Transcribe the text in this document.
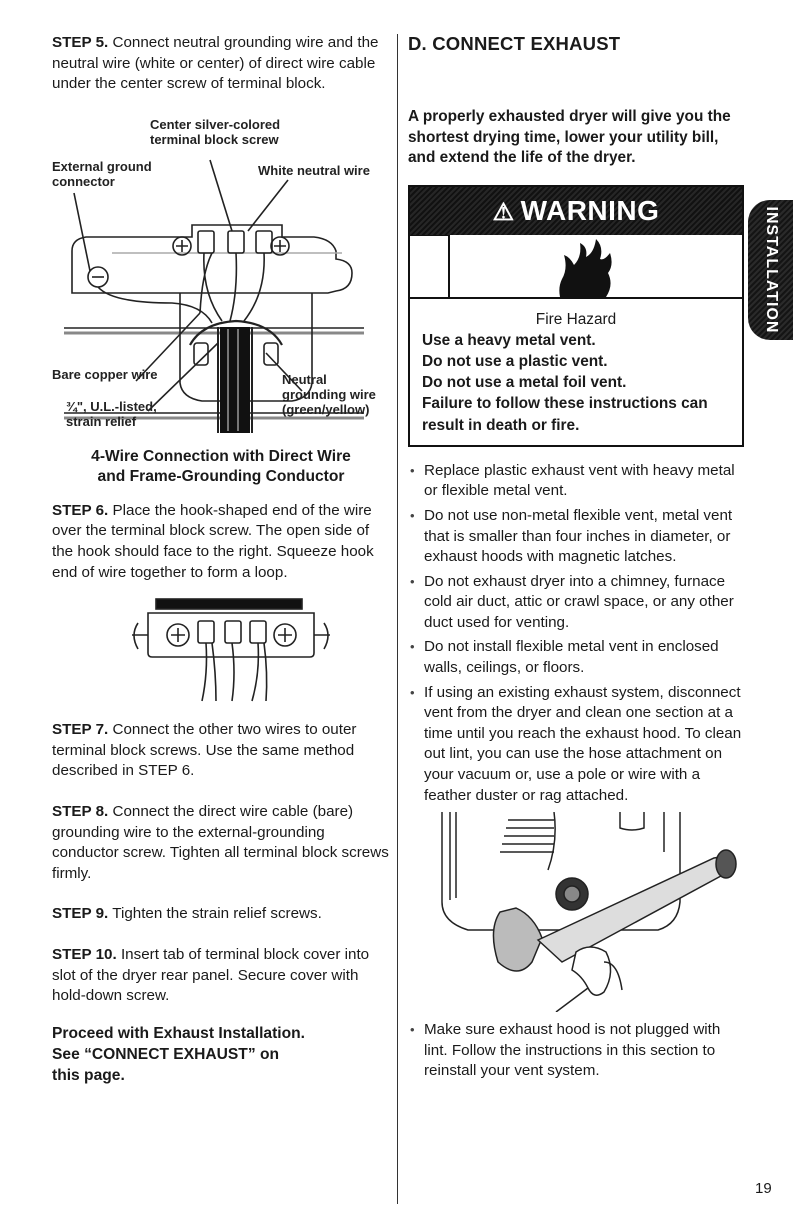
STEP 5. Connect neutral grounding wire and the neutral wire (white or center) of direct wire cable under the center screw of terminal block.

Center silver-colored
terminal block screw
External ground
connector
White neutral wire
Bare copper wire
¾", U.L.-listed,
strain relief
Neutral
grounding wire
(green/yellow)
4-Wire Connection with Direct Wire
and Frame-Grounding Conductor

STEP 6. Place the hook-shaped end of the wire over the terminal block screw. The open side of the hook should face to the right. Squeeze hook end of wire together to form a loop.

STEP 7. Connect the other two wires to outer terminal block screws. Use the same method described in STEP 6.

STEP 8. Connect the direct wire cable (bare) grounding wire to the external-grounding conductor screw. Tighten all terminal block screws firmly.

STEP 9. Tighten the strain relief screws.

STEP 10. Insert tab of terminal block cover into slot of the dryer rear panel. Secure cover with hold-down screw.

Proceed with Exhaust Installation.
See “CONNECT EXHAUST” on
this page.
D. CONNECT EXHAUST

A properly exhausted dryer will give you the shortest drying time, lower your utility bill, and extend the life of the dryer.

⚠ WARNING
Fire Hazard
Use a heavy metal vent.
Do not use a plastic vent.
Do not use a metal foil vent.
Failure to follow these instructions can result in death or fire.
• Replace plastic exhaust vent with heavy metal or flexible metal vent.
• Do not use non-metal flexible vent, metal vent that is smaller than four inches in diameter, or exhaust hoods with magnetic latches.
• Do not exhaust dryer into a chimney, furnace cold air duct, attic or crawl space, or any other duct used for venting.
• Do not install flexible metal vent in enclosed walls, ceilings, or floors.
• If using an existing exhaust system, disconnect vent from the dryer and clean one section at a time until you reach the exhaust hood. To clean out lint, you can use the hose attachment on your vacuum or, use a pole or wire with a feather duster or rag attached.
• Make sure exhaust hood is not plugged with lint. Follow the instructions in this section to reinstall your vent system.
INSTALLATION
19
